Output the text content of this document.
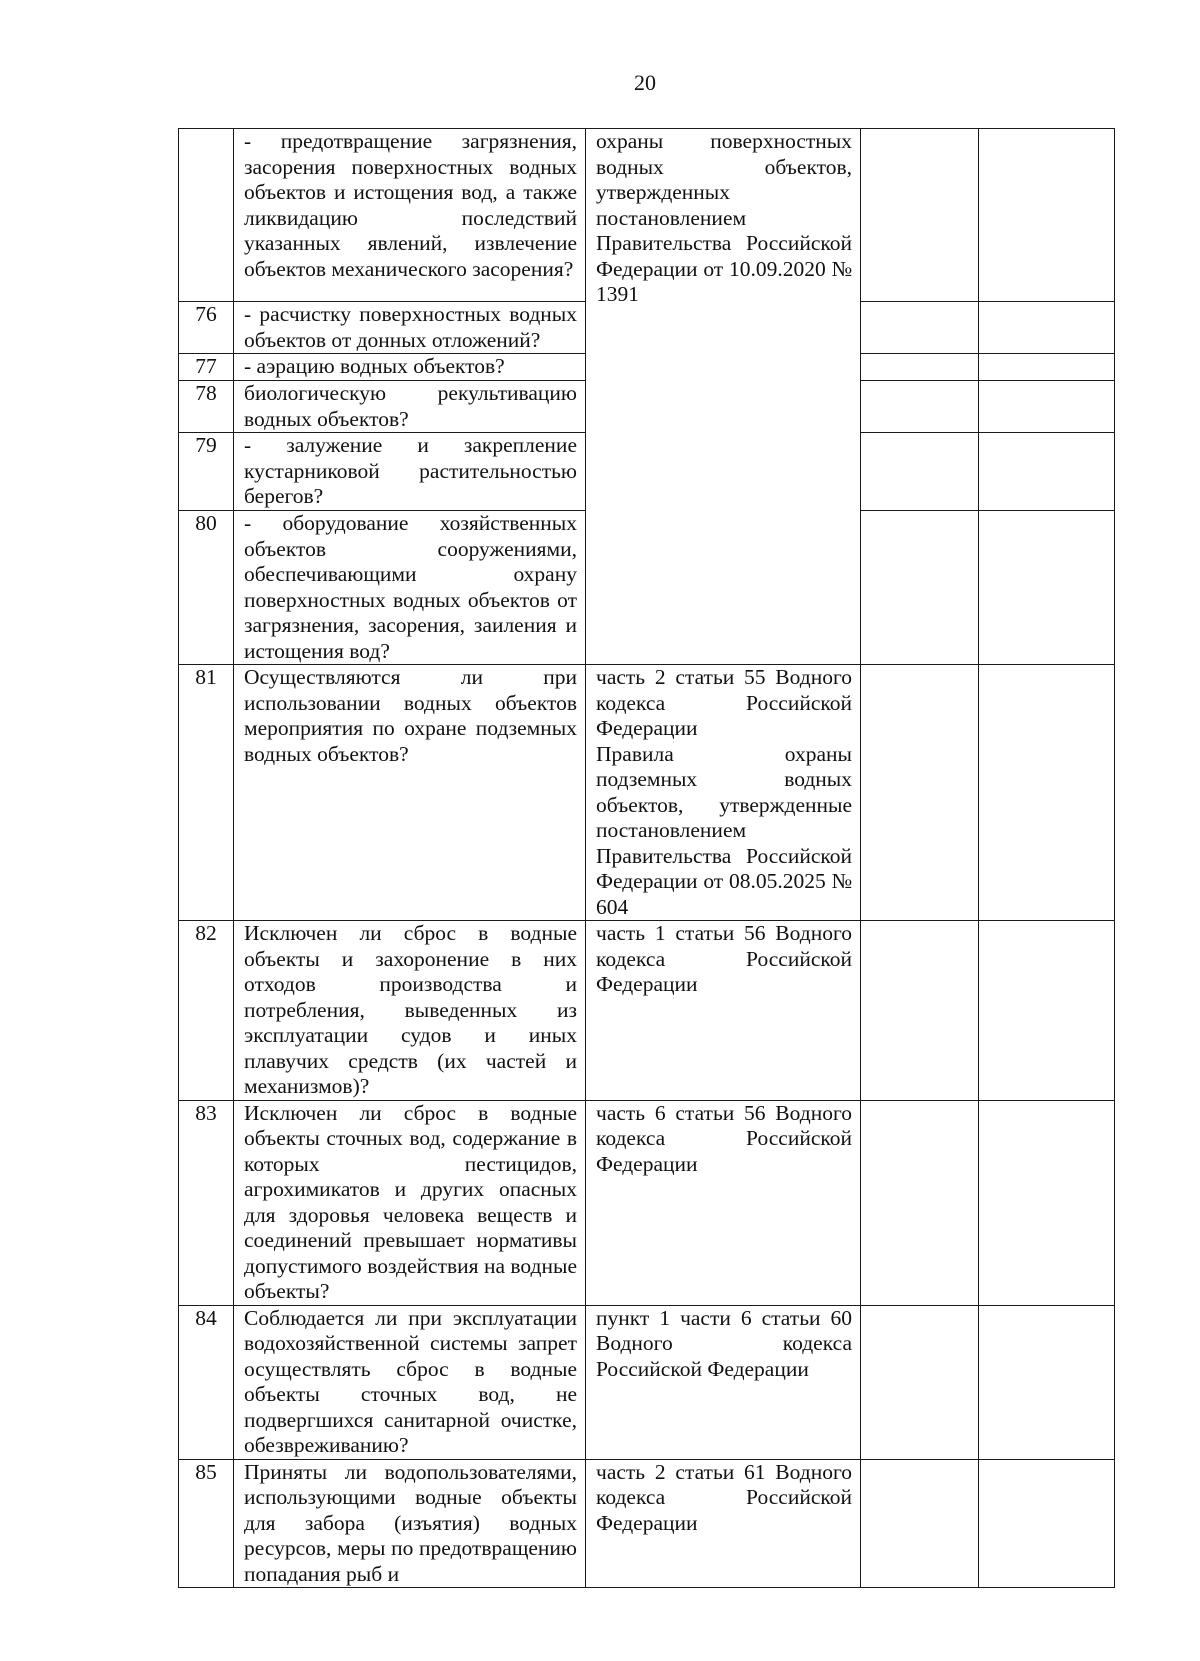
20
	- предотвращение загрязнения, засорения поверхностных водных объектов и истощения вод, а также ликвидацию последствий указанных явлений, извлечение объектов механического засорения?	охраны поверхностных водных объектов, утвержденных постановлением Правительства Российской Федерации от 10.09.2020 № 1391		
76	- расчистку поверхностных водных объектов от донных отложений?			
77	- аэрацию водных объектов?			
78	биологическую рекультивацию водных объектов?			
79	- залужение и закрепление кустарниковой растительностью берегов?			
80	- оборудование хозяйственных объектов сооружениями, обеспечивающими охрану поверхностных водных объектов от загрязнения, засорения, заиления и истощения вод?			
81	Осуществляются ли при использовании водных объектов мероприятия по охране подземных водных объектов?	часть 2 статьи 55 Водного кодекса Российской Федерации
Правила охраны подземных водных объектов, утвержденные постановлением Правительства Российской Федерации от 08.05.2025 № 604		

82	Исключен ли сброс в водные объекты и захоронение в них отходов производства и потребления, выведенных из эксплуатации судов и иных плавучих средств (их частей и механизмов)?	часть 1 статьи 56 Водного кодекса Российской Федерации		
83	Исключен ли сброс в водные объекты сточных вод, содержание в которых пестицидов, агрохимикатов и других опасных для здоровья человека веществ и соединений превышает нормативы допустимого воздействия на водные объекты?	часть 6 статьи 56 Водного кодекса Российской Федерации		
84	Соблюдается ли при эксплуатации водохозяйственной системы запрет осуществлять сброс в водные объекты сточных вод, не подвергшихся санитарной очистке, обезвреживанию?	пункт 1 части 6 статьи 60 Водного кодекса Российской Федерации		
85	Приняты ли водопользователями, использующими водные объекты для забора (изъятия) водных ресурсов, меры по предотвращению попадания рыб и	часть 2 статьи 61 Водного кодекса Российской Федерации		
